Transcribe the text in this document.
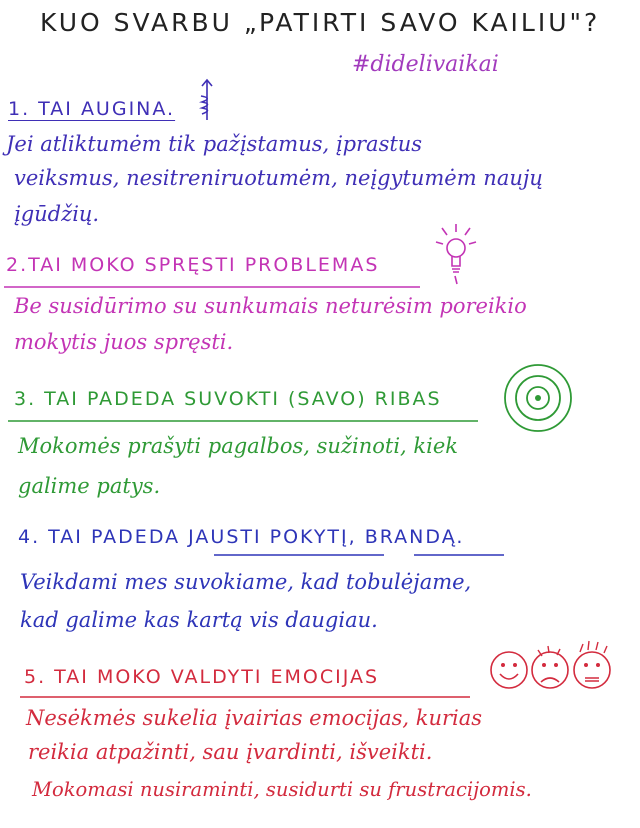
KUO SVARBU „PATIRTI SAVO KAILIU"?
#didelivaikai
1. TAI AUGINA.
Jei atliktumėm tik pažįstamus, įprastus
veiksmus, nesitreniruotumėm, neįgytumėm naujų
įgūdžių.
2.TAI MOKO SPRĘSTI PROBLEMAS
Be susidūrimo su sunkumais neturėsim poreikio
mokytis juos spręsti.
3. TAI PADEDA SUVOKTI (SAVO) RIBAS
Mokomės prašyti pagalbos, sužinoti, kiek
galime patys.
4. TAI PADEDA JAUSTI POKYTĮ, BRANDĄ.
Veikdami mes suvokiame, kad tobulėjame,
kad galime kas kartą vis daugiau.
5. TAI MOKO VALDYTI EMOCIJAS
Nesėkmės sukelia įvairias emocijas, kurias
reikia atpažinti, sau įvardinti, išveikti.
Mokomasi nusiraminti, susidurti su frustracijomis.
